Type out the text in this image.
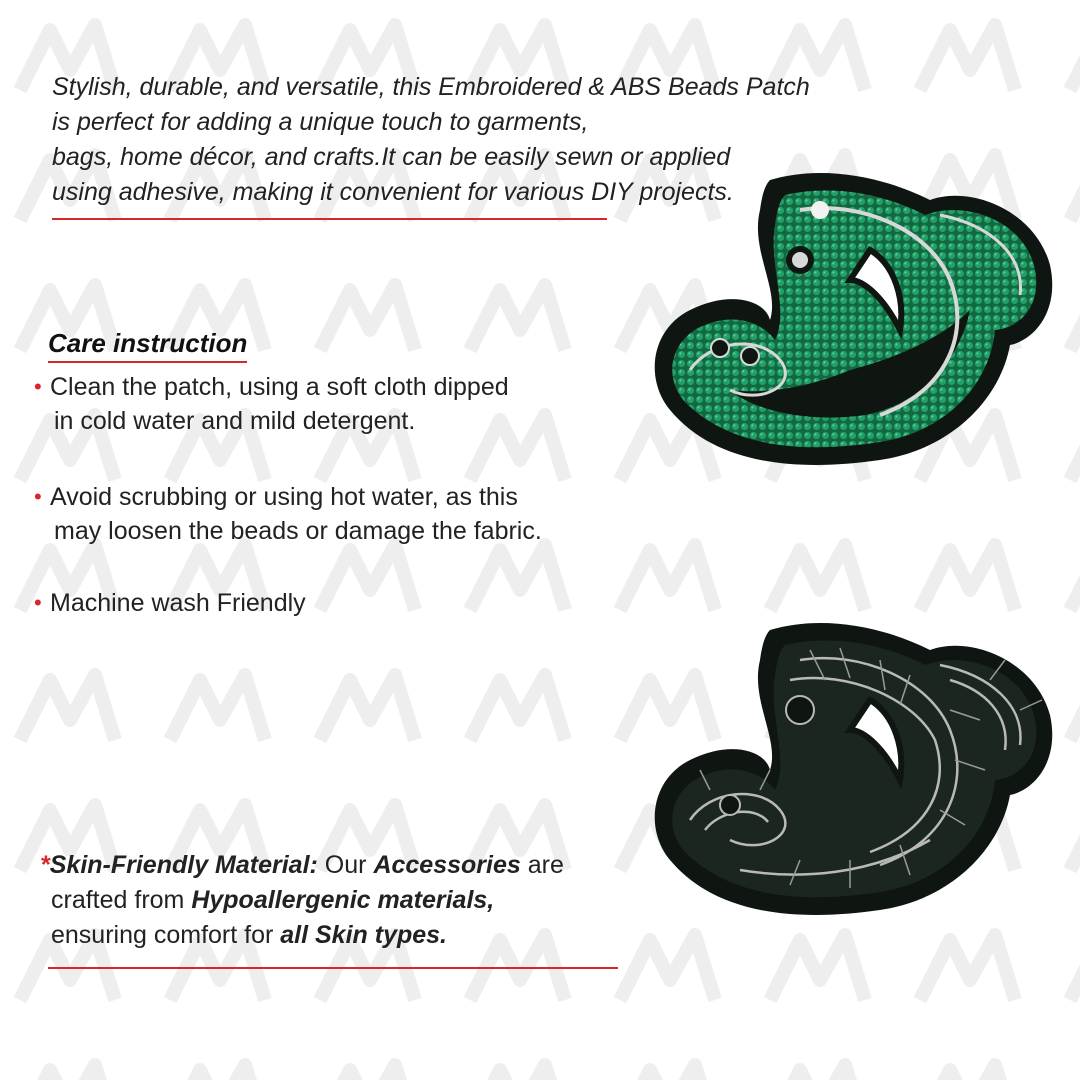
Stylish, durable, and versatile, this Embroidered & ABS Beads Patch
is perfect for adding a unique touch to garments,
bags, home décor, and crafts.It can be easily sewn or applied
using adhesive, making it convenient for various DIY projects.
Care instruction
• Clean the patch, using a soft cloth dipped
in cold water and mild detergent.
• Avoid scrubbing or using hot water, as this
may loosen the beads or damage the fabric.
• Machine wash Friendly
*Skin-Friendly Material: Our Accessories are
crafted from Hypoallergenic materials,
ensuring comfort for all Skin types.
